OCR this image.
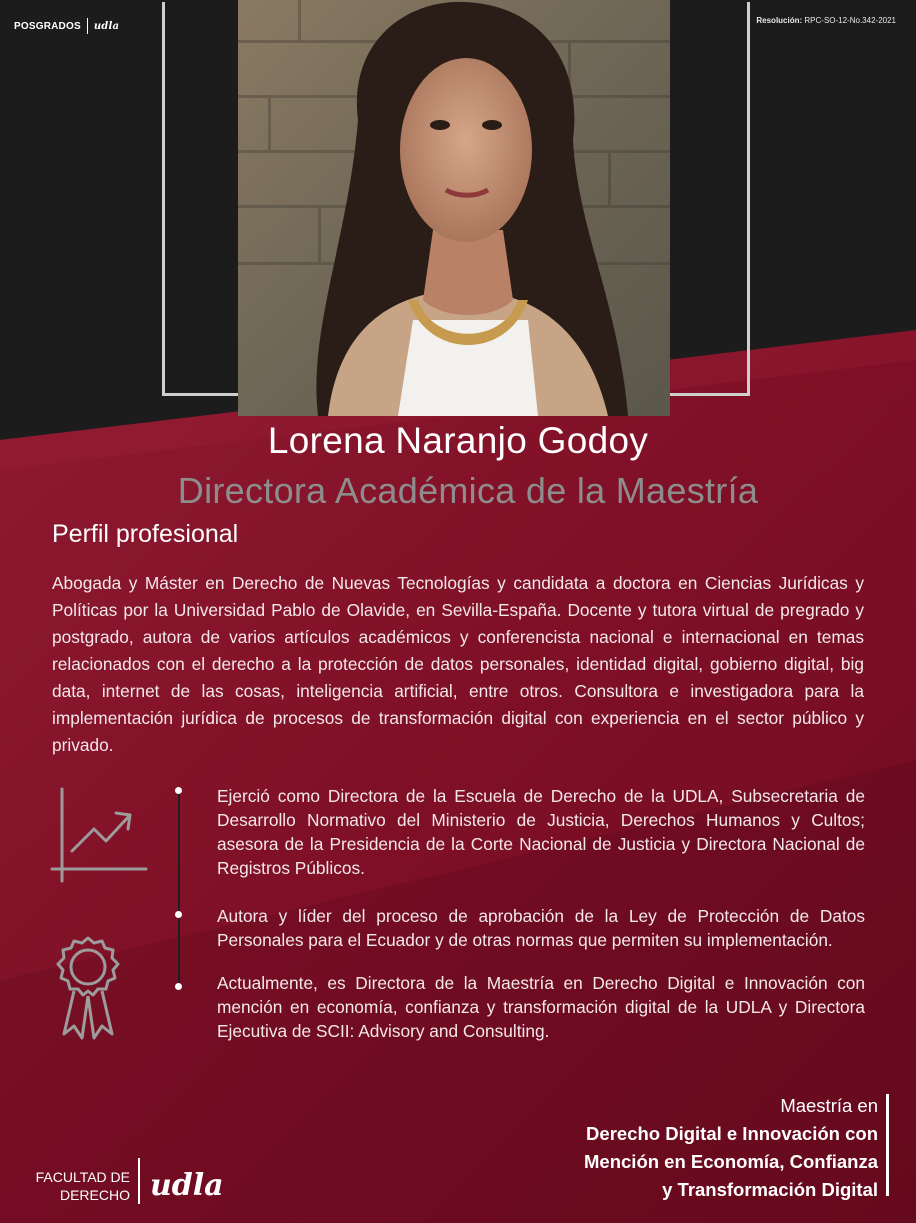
POSGRADOS udla	Resolución: RPC-SO-12-No.342-2021
Lorena Naranjo Godoy
Directora Académica de la Maestría
Perfil profesional
Abogada y Máster en Derecho de Nuevas Tecnologías y candidata a doctora en Ciencias Jurídicas y Políticas por la Universidad Pablo de Olavide, en Sevilla-España. Docente y tutora virtual de pregrado y postgrado, autora de varios artículos académicos y conferencista nacional e internacional en temas relacionados con el derecho a la protección de datos personales, identidad digital, gobierno digital, big data, internet de las cosas, inteligencia artificial, entre otros. Consultora e investigadora para la implementación jurídica de procesos de transformación digital con experiencia en el sector público y privado.
Ejerció como Directora de la Escuela de Derecho de la UDLA, Subsecretaria de Desarrollo Normativo del Ministerio de Justicia, Derechos Humanos y Cultos; asesora de la Presidencia de la Corte Nacional de Justicia y Directora Nacional de Registros Públicos.
Autora y líder del proceso de aprobación de la Ley de Protección de Datos Personales para el Ecuador y de otras normas que permiten su implementación.
Actualmente, es Directora de la Maestría en Derecho Digital e Innovación con mención en economía, confianza y transformación digital de la UDLA y Directora Ejecutiva de SCII: Advisory and Consulting.
Maestría en
Derecho Digital e Innovación con
Mención en Economía, Confianza
y Transformación Digital
FACULTAD DE
DERECHO udla
